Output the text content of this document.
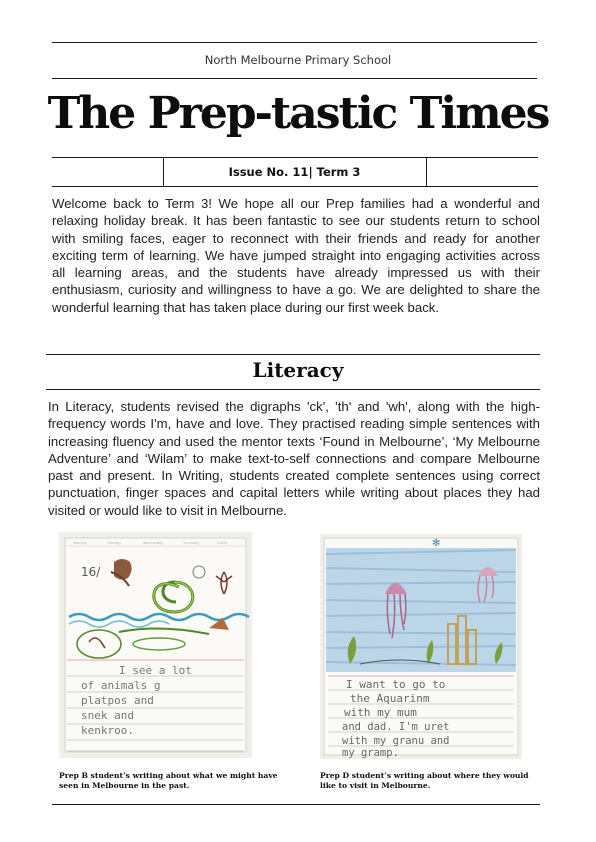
North Melbourne Primary School
The Prep-tastic Times
Issue No. 11| Term 3
Welcome back to Term 3! We hope all our Prep families had a wonderful and relaxing holiday break. It has been fantastic to see our students return to school with smiling faces, eager to reconnect with their friends and ready for another exciting term of learning. We have jumped straight into engaging activities across all learning areas, and the students have already impressed us with their enthusiasm, curiosity and willingness to have a go. We are delighted to share the wonderful learning that has taken place during our first week back.
Literacy
In Literacy, students revised the digraphs 'ck', 'th' and 'wh', along with the high-frequency words I'm, have and love. They practised reading simple sentences with increasing fluency and used the mentor texts ‘Found in Melbourne’, ‘My Melbourne Adventure’ and ‘Wilam’ to make text-to-self connections and compare Melbourne past and present. In Writing, students created complete sentences using correct punctuation, finger spaces and capital letters while writing about places they had visited or would like to visit in Melbourne.
Monday	Tuesday	Wednesday	Thursday	Friday
16/
I see a lot
of animals g
platpos and
snek and
kenkroo.
Prep B student’s writing about what we might have seen in Melbourne in the past.
✻
I want to go to
the Aquarinm
with my mum
and dad. I'm uret
with my granu and
my gramp.
Prep D student’s writing about where they would like to visit in Melbourne.
